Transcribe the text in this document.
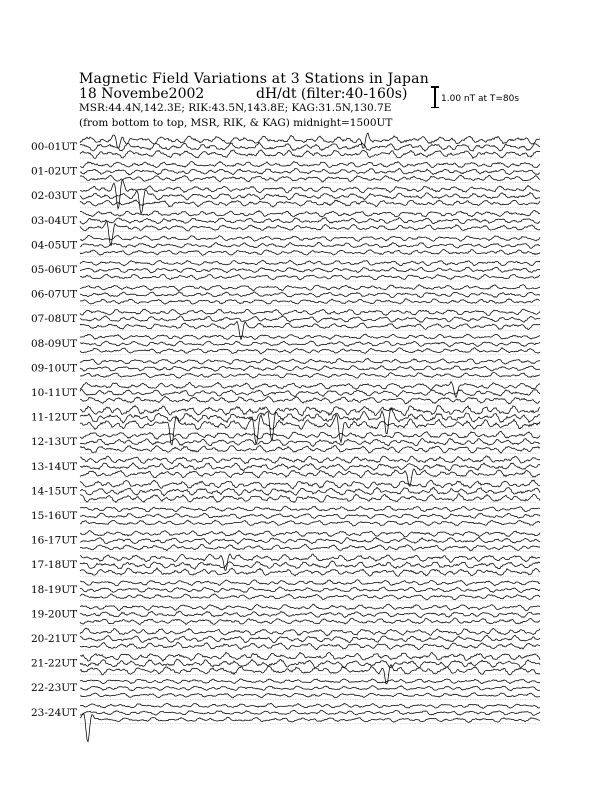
Magnetic Field Variations at 3 Stations in Japan
18 Novembe2002	dH/dt (filter:40-160s)
MSR:44.4N,142.3E; RIK:43.5N,143.8E; KAG:31.5N,130.7E
(from bottom to top, MSR, RIK, & KAG) midnight=1500UT
1.00 nT at T=80s
00-01UT
01-02UT
02-03UT
03-04UT
04-05UT
05-06UT
06-07UT
07-08UT
08-09UT
09-10UT
10-11UT
11-12UT
12-13UT
13-14UT
14-15UT
15-16UT
16-17UT
17-18UT
18-19UT
19-20UT
20-21UT
21-22UT
22-23UT
23-24UT
